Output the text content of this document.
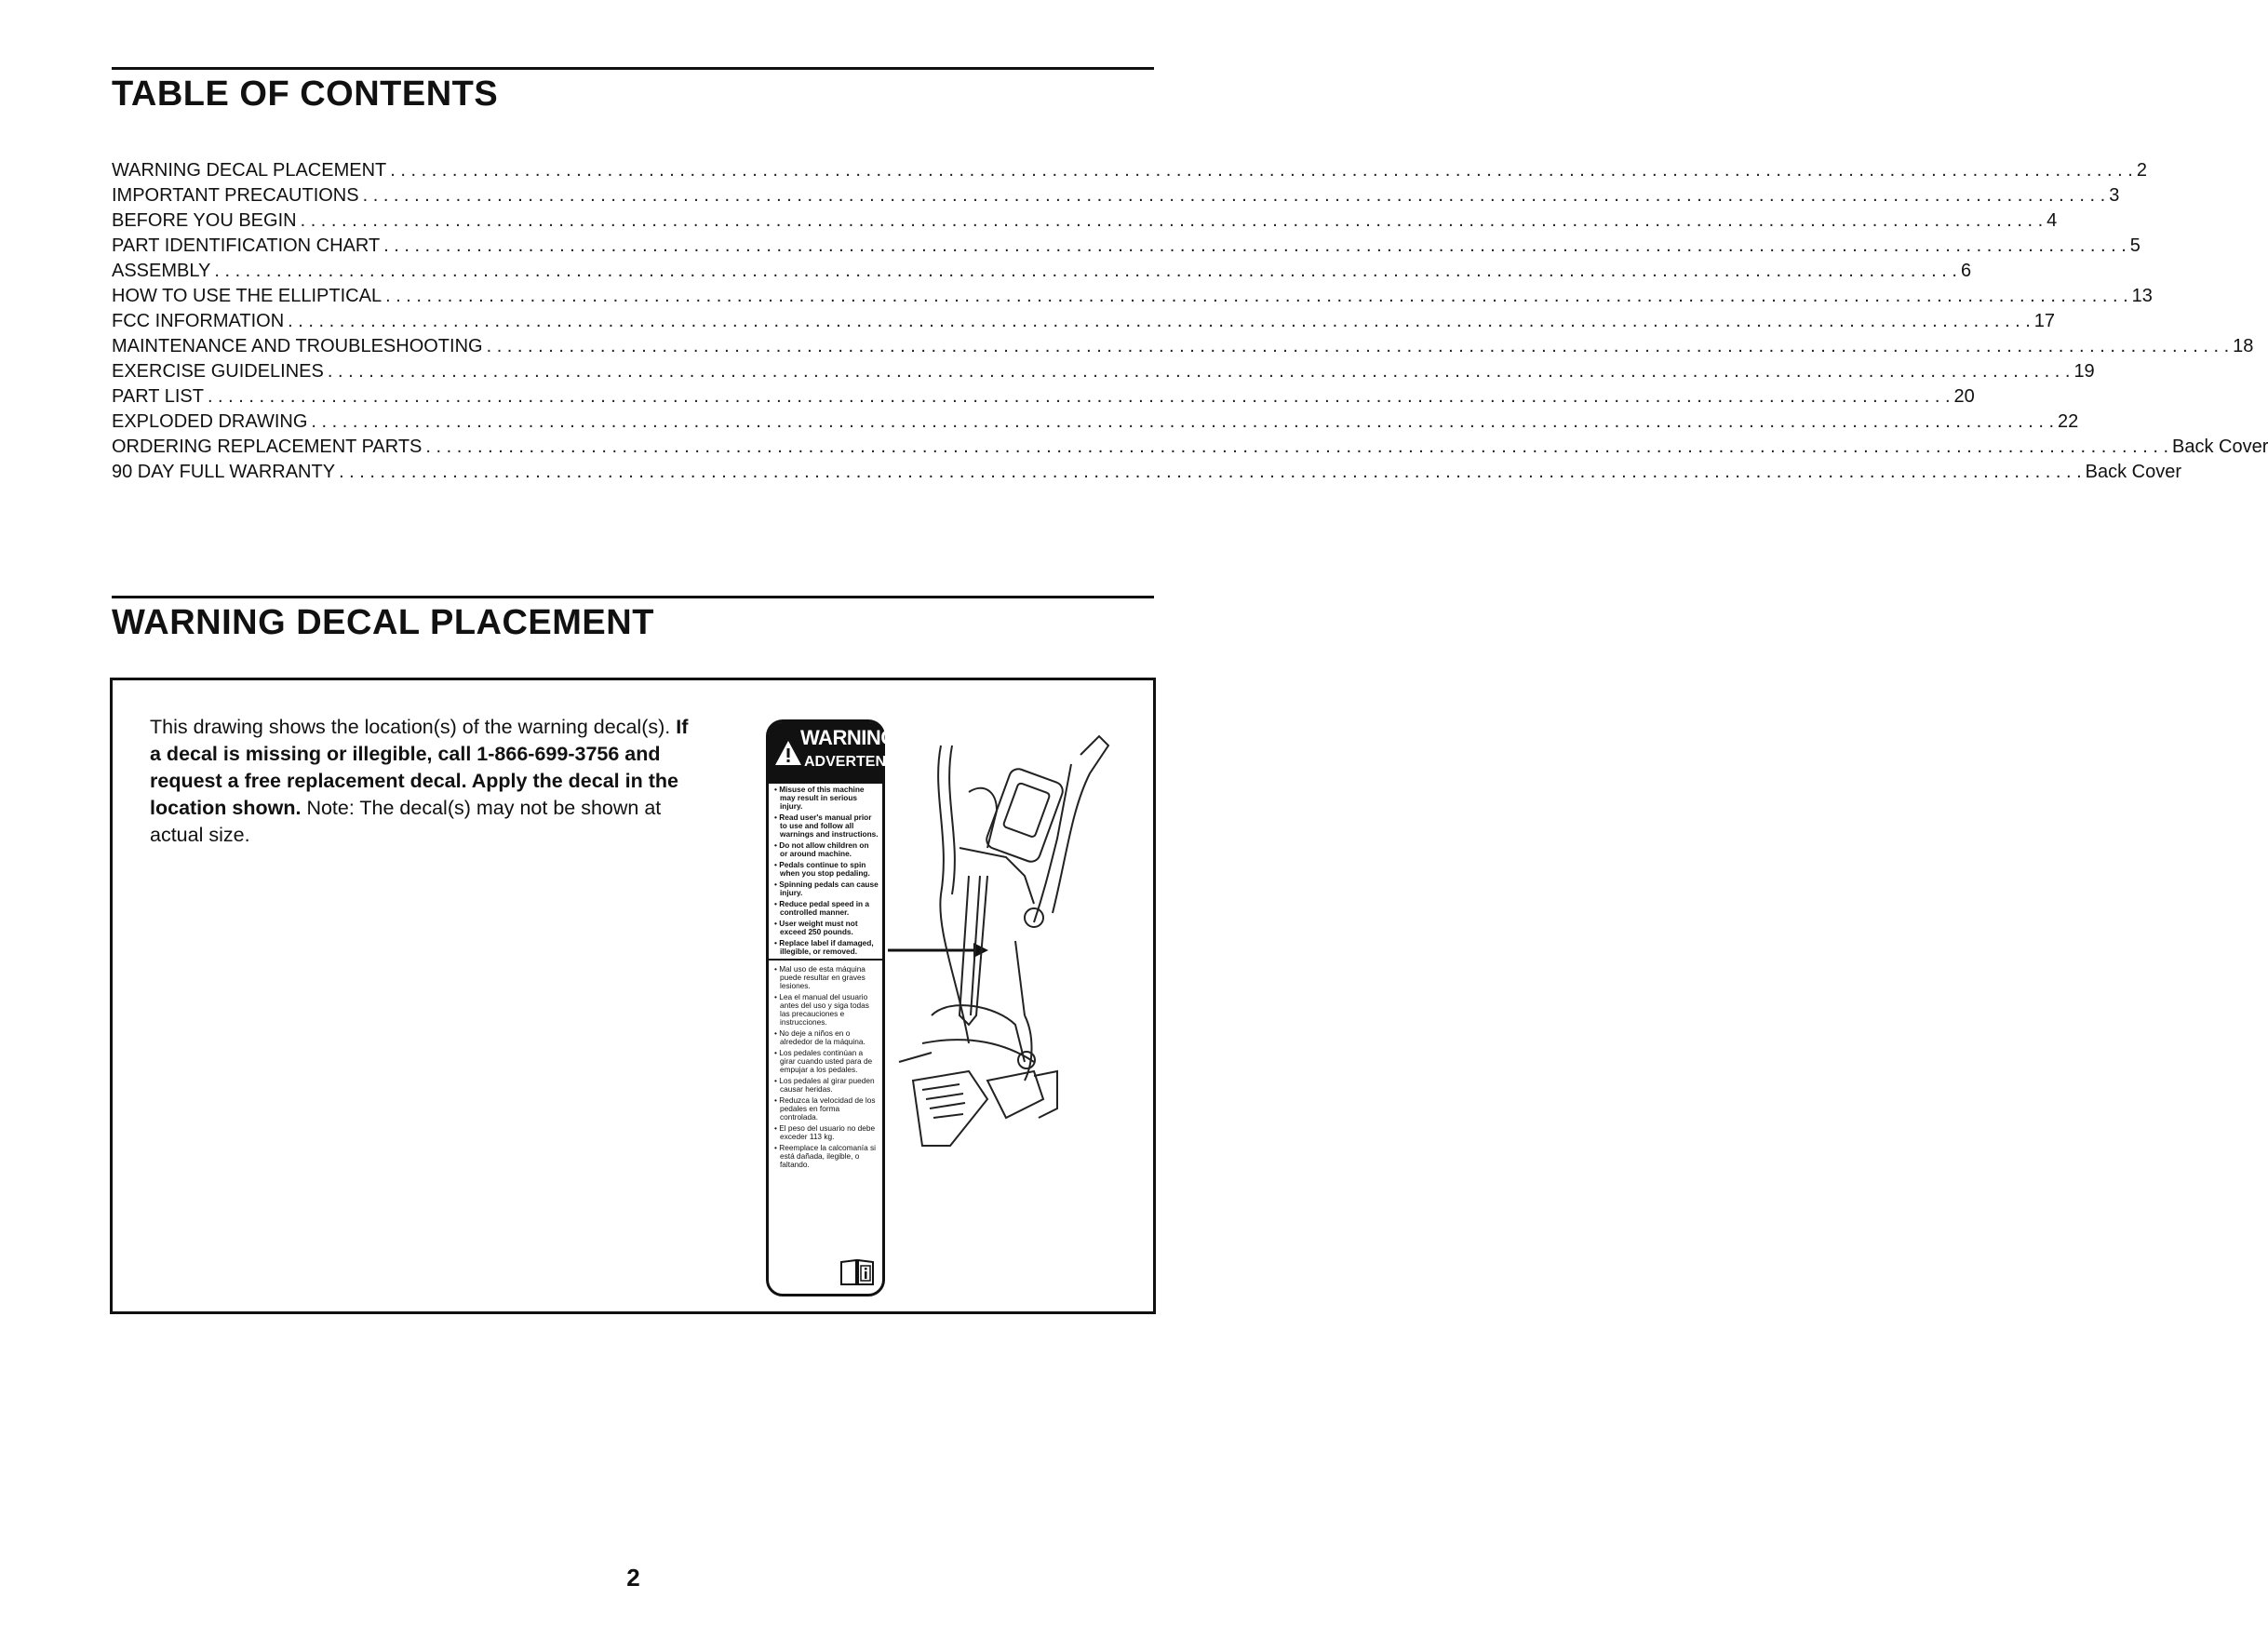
TABLE OF CONTENTS
WARNING DECAL PLACEMENT . . .	2
IMPORTANT PRECAUTIONS . . .	3
BEFORE YOU BEGIN . . .	4
PART IDENTIFICATION CHART . . .	5
ASSEMBLY . . .	6
HOW TO USE THE ELLIPTICAL . . .	13
FCC INFORMATION . . .	17
MAINTENANCE AND TROUBLESHOOTING . . .	18
EXERCISE GUIDELINES . . .	19
PART LIST . . .	20
EXPLODED DRAWING . . .	22
ORDERING REPLACEMENT PARTS . . .	Back Cover
90 DAY FULL WARRANTY . . .	Back Cover
WARNING DECAL PLACEMENT

This drawing shows the location(s) of the warning decal(s). If a decal is missing or illegible, call 1-866-699-3756 and request a free replacement decal. Apply the decal in the location shown. Note: The decal(s) may not be shown at actual size.

WARNING
ADVERTENCIA
• Misuse of this machine may result in serious injury.
• Read user's manual prior to use and follow all warnings and instructions.
• Do not allow children on or around machine.
• Pedals continue to spin when you stop pedaling.
• Spinning pedals can cause injury.
• Reduce pedal speed in a controlled manner.
• User weight must not exceed 250 pounds.
• Replace label if damaged, illegible, or removed.
• Mal uso de esta máquina puede resultar en graves lesiones.
• Lea el manual del usuario antes del uso y siga todas las precauciones e instrucciones.
• No deje a niños en o alrededor de la máquina.
• Los pedales continúan a girar cuando usted para de empujar a los pedales.
• Los pedales al girar pueden causar heridas.
• Reduzca la velocidad de los pedales en forma controlada.
• El peso del usuario no debe exceder 113 kg.
• Reemplace la calcomanía si está dañada, ilegible, o faltando.
2
